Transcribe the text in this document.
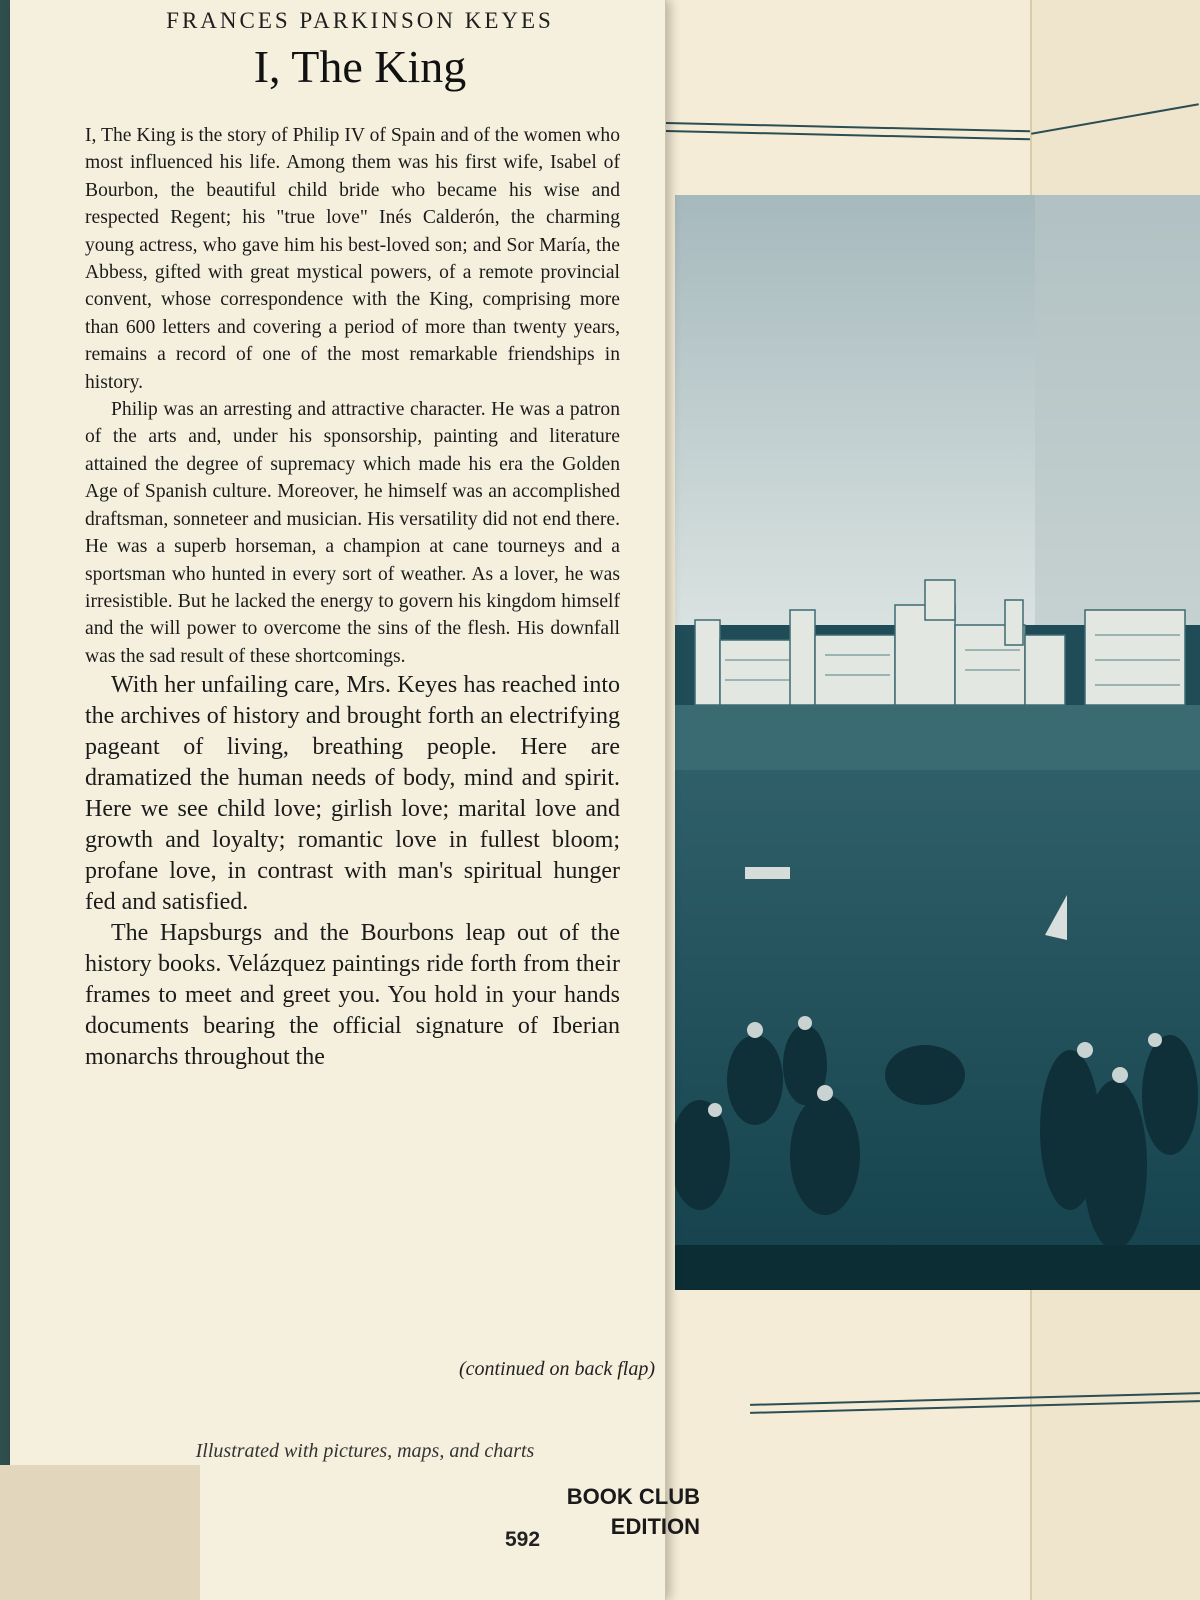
FRANCES PARKINSON KEYES
I, The King

I, The King is the story of Philip IV of Spain and of the women who most influenced his life. Among them was his first wife, Isabel of Bourbon, the beautiful child bride who became his wise and respected Regent; his "true love" Inés Calderón, the charming young actress, who gave him his best-loved son; and Sor María, the Abbess, gifted with great mystical powers, of a remote provincial convent, whose correspondence with the King, comprising more than 600 letters and covering a period of more than twenty years, remains a record of one of the most remarkable friendships in history.

Philip was an arresting and attractive character. He was a patron of the arts and, under his sponsorship, painting and literature attained the degree of supremacy which made his era the Golden Age of Spanish culture. Moreover, he himself was an accomplished draftsman, sonneteer and musician. His versatility did not end there. He was a superb horseman, a champion at cane tourneys and a sportsman who hunted in every sort of weather. As a lover, he was irresistible. But he lacked the energy to govern his kingdom himself and the will power to overcome the sins of the flesh. His downfall was the sad result of these shortcomings.

With her unfailing care, Mrs. Keyes has reached into the archives of history and brought forth an electrifying pageant of living, breathing people. Here are dramatized the human needs of body, mind and spirit. Here we see child love; girlish love; marital love and growth and loyalty; romantic love in fullest bloom; profane love, in contrast with man's spiritual hunger fed and satisfied.

The Hapsburgs and the Bourbons leap out of the history books. Velázquez paintings ride forth from their frames to meet and greet you. You hold in your hands documents bearing the official signature of Iberian monarchs throughout the

(continued on back flap)
Illustrated with pictures, maps, and charts
BOOK CLUB
EDITION
592
